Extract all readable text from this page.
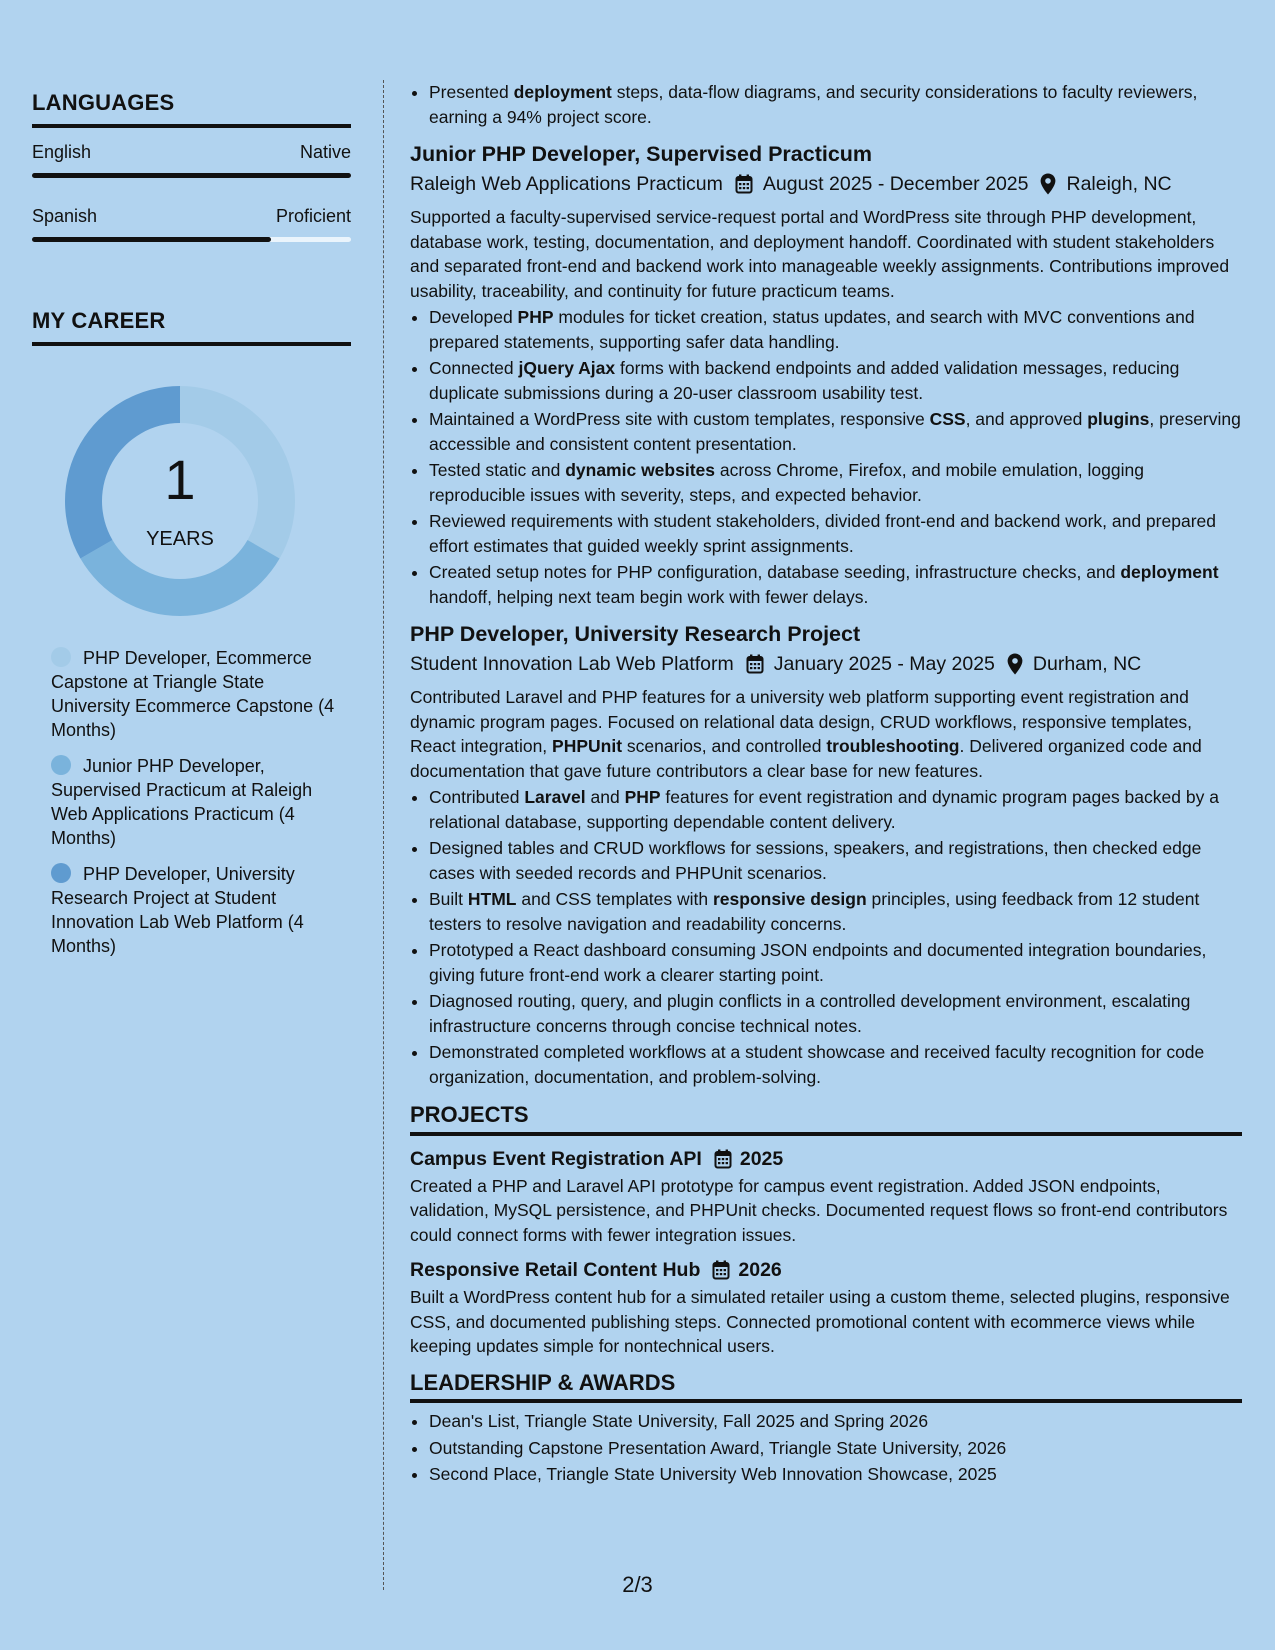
LANGUAGES
English	Native
Spanish	Proficient
MY CAREER
1
YEARS
PHP Developer, Ecommerce Capstone at Triangle State University Ecommerce Capstone (4 Months)
Junior PHP Developer, Supervised Practicum at Raleigh Web Applications Practicum (4 Months)
PHP Developer, University Research Project at Student Innovation Lab Web Platform (4 Months)
• Presented deployment steps, data-flow diagrams, and security considerations to faculty reviewers, earning a 94% project score.
Junior PHP Developer, Supervised Practicum
Raleigh Web Applications Practicum August 2025 - December 2025 Raleigh, NC

Supported a faculty-supervised service-request portal and WordPress site through PHP development, database work, testing, documentation, and deployment handoff. Coordinated with student stakeholders and separated front-end and backend work into manageable weekly assignments. Contributions improved usability, traceability, and continuity for future practicum teams.

• Developed PHP modules for ticket creation, status updates, and search with MVC conventions and prepared statements, supporting safer data handling.
• Connected jQuery Ajax forms with backend endpoints and added validation messages, reducing duplicate submissions during a 20-user classroom usability test.
• Maintained a WordPress site with custom templates, responsive CSS, and approved plugins, preserving accessible and consistent content presentation.
• Tested static and dynamic websites across Chrome, Firefox, and mobile emulation, logging reproducible issues with severity, steps, and expected behavior.
• Reviewed requirements with student stakeholders, divided front-end and backend work, and prepared effort estimates that guided weekly sprint assignments.
• Created setup notes for PHP configuration, database seeding, infrastructure checks, and deployment handoff, helping next team begin work with fewer delays.
PHP Developer, University Research Project
Student Innovation Lab Web Platform January 2025 - May 2025 Durham, NC

Contributed Laravel and PHP features for a university web platform supporting event registration and dynamic program pages. Focused on relational data design, CRUD workflows, responsive templates, React integration, PHPUnit scenarios, and controlled troubleshooting. Delivered organized code and documentation that gave future contributors a clear base for new features.

• Contributed Laravel and PHP features for event registration and dynamic program pages backed by a relational database, supporting dependable content delivery.
• Designed tables and CRUD workflows for sessions, speakers, and registrations, then checked edge cases with seeded records and PHPUnit scenarios.
• Built HTML and CSS templates with responsive design principles, using feedback from 12 student testers to resolve navigation and readability concerns.
• Prototyped a React dashboard consuming JSON endpoints and documented integration boundaries, giving future front-end work a clearer starting point.
• Diagnosed routing, query, and plugin conflicts in a controlled development environment, escalating infrastructure concerns through concise technical notes.
• Demonstrated completed workflows at a student showcase and received faculty recognition for code organization, documentation, and problem-solving.
PROJECTS
Campus Event Registration API 2025

Created a PHP and Laravel API prototype for campus event registration. Added JSON endpoints, validation, MySQL persistence, and PHPUnit checks. Documented request flows so front-end contributors could connect forms with fewer integration issues.

Responsive Retail Content Hub 2026

Built a WordPress content hub for a simulated retailer using a custom theme, selected plugins, responsive CSS, and documented publishing steps. Connected promotional content with ecommerce views while keeping updates simple for nontechnical users.

LEADERSHIP & AWARDS
• Dean's List, Triangle State University, Fall 2025 and Spring 2026
• Outstanding Capstone Presentation Award, Triangle State University, 2026
• Second Place, Triangle State University Web Innovation Showcase, 2025
2/3
